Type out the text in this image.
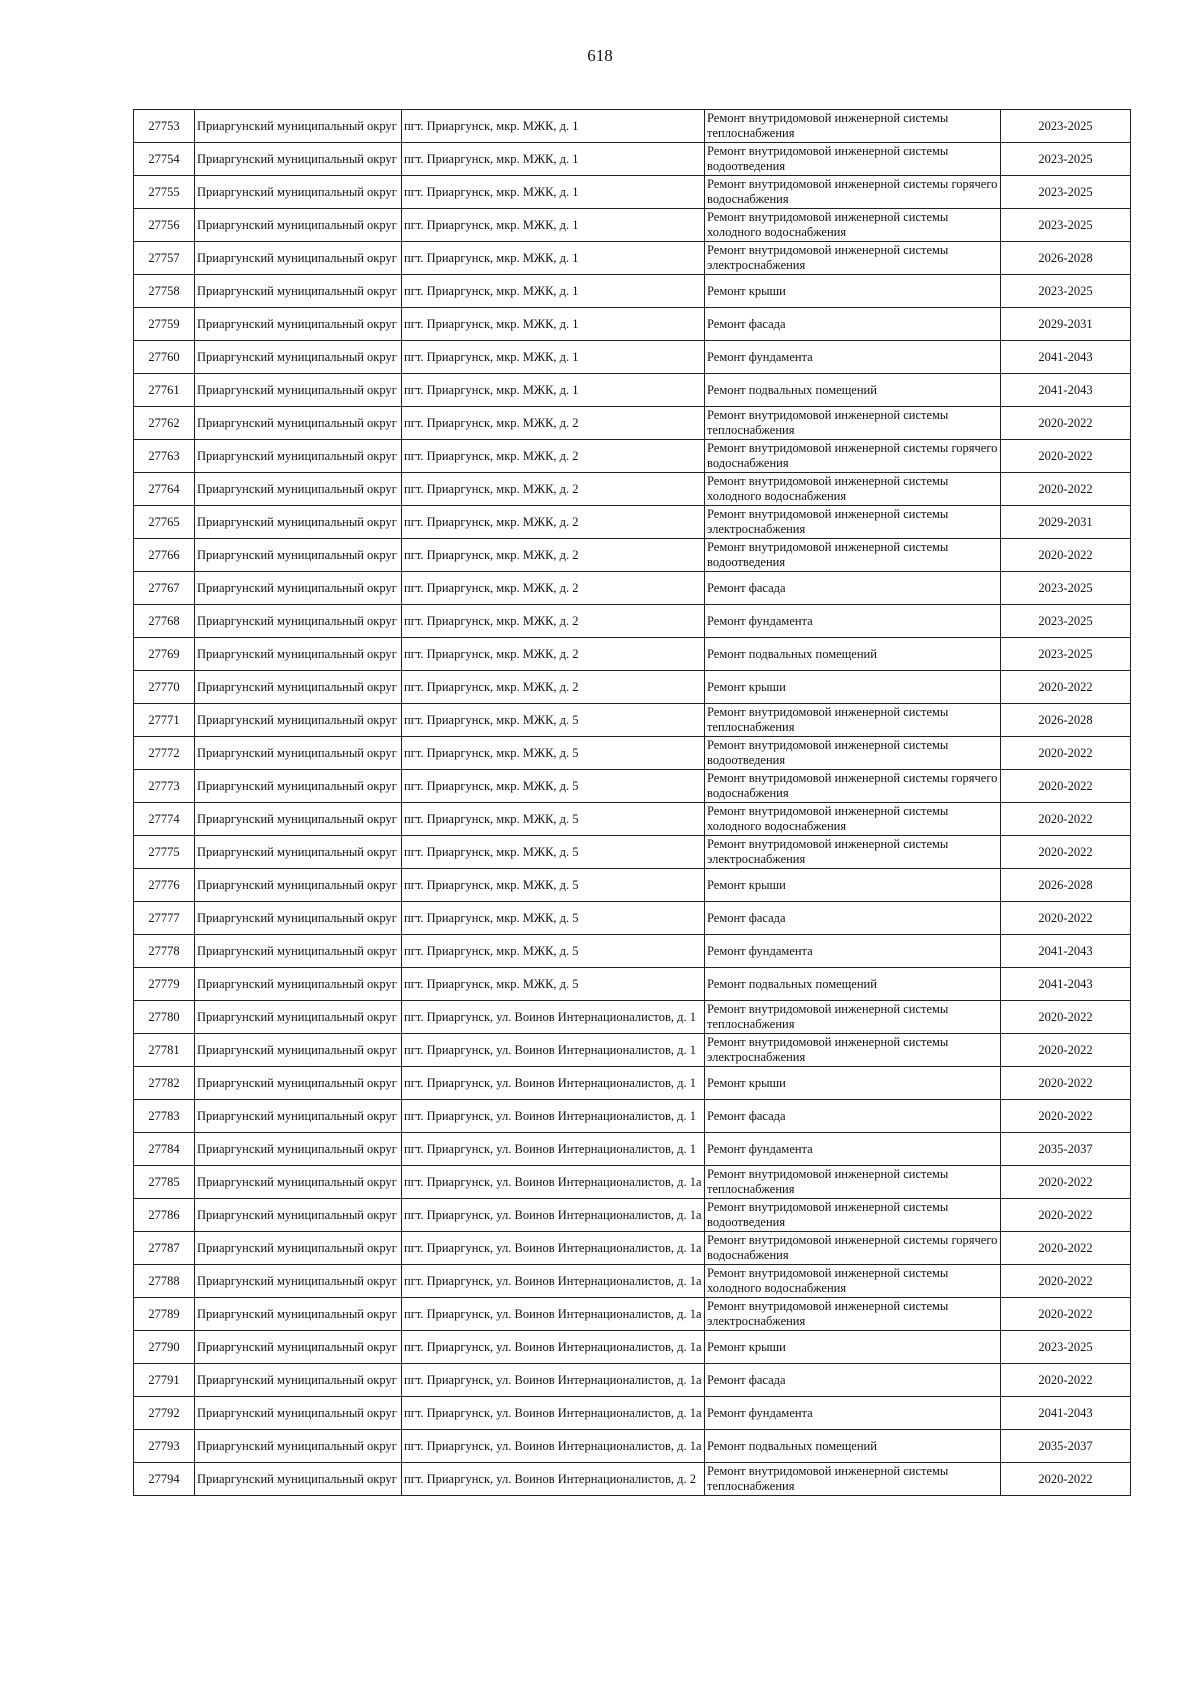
618
27753	Приаргунский муниципальный округ	пгт. Приаргунск, мкр. МЖК, д. 1	Ремонт внутридомовой инженерной системы теплоснабжения	2023-2025
27754	Приаргунский муниципальный округ	пгт. Приаргунск, мкр. МЖК, д. 1	Ремонт внутридомовой инженерной системы водоотведения	2023-2025
27755	Приаргунский муниципальный округ	пгт. Приаргунск, мкр. МЖК, д. 1	Ремонт внутридомовой инженерной системы горячего водоснабжения	2023-2025
27756	Приаргунский муниципальный округ	пгт. Приаргунск, мкр. МЖК, д. 1	Ремонт внутридомовой инженерной системы холодного водоснабжения	2023-2025
27757	Приаргунский муниципальный округ	пгт. Приаргунск, мкр. МЖК, д. 1	Ремонт внутридомовой инженерной системы электроснабжения	2026-2028
27758	Приаргунский муниципальный округ	пгт. Приаргунск, мкр. МЖК, д. 1	Ремонт крыши	2023-2025
27759	Приаргунский муниципальный округ	пгт. Приаргунск, мкр. МЖК, д. 1	Ремонт фасада	2029-2031
27760	Приаргунский муниципальный округ	пгт. Приаргунск, мкр. МЖК, д. 1	Ремонт фундамента	2041-2043
27761	Приаргунский муниципальный округ	пгт. Приаргунск, мкр. МЖК, д. 1	Ремонт подвальных помещений	2041-2043
27762	Приаргунский муниципальный округ	пгт. Приаргунск, мкр. МЖК, д. 2	Ремонт внутридомовой инженерной системы теплоснабжения	2020-2022
27763	Приаргунский муниципальный округ	пгт. Приаргунск, мкр. МЖК, д. 2	Ремонт внутридомовой инженерной системы горячего водоснабжения	2020-2022
27764	Приаргунский муниципальный округ	пгт. Приаргунск, мкр. МЖК, д. 2	Ремонт внутридомовой инженерной системы холодного водоснабжения	2020-2022
27765	Приаргунский муниципальный округ	пгт. Приаргунск, мкр. МЖК, д. 2	Ремонт внутридомовой инженерной системы электроснабжения	2029-2031
27766	Приаргунский муниципальный округ	пгт. Приаргунск, мкр. МЖК, д. 2	Ремонт внутридомовой инженерной системы водоотведения	2020-2022
27767	Приаргунский муниципальный округ	пгт. Приаргунск, мкр. МЖК, д. 2	Ремонт фасада	2023-2025
27768	Приаргунский муниципальный округ	пгт. Приаргунск, мкр. МЖК, д. 2	Ремонт фундамента	2023-2025
27769	Приаргунский муниципальный округ	пгт. Приаргунск, мкр. МЖК, д. 2	Ремонт подвальных помещений	2023-2025
27770	Приаргунский муниципальный округ	пгт. Приаргунск, мкр. МЖК, д. 2	Ремонт крыши	2020-2022
27771	Приаргунский муниципальный округ	пгт. Приаргунск, мкр. МЖК, д. 5	Ремонт внутридомовой инженерной системы теплоснабжения	2026-2028
27772	Приаргунский муниципальный округ	пгт. Приаргунск, мкр. МЖК, д. 5	Ремонт внутридомовой инженерной системы водоотведения	2020-2022
27773	Приаргунский муниципальный округ	пгт. Приаргунск, мкр. МЖК, д. 5	Ремонт внутридомовой инженерной системы горячего водоснабжения	2020-2022
27774	Приаргунский муниципальный округ	пгт. Приаргунск, мкр. МЖК, д. 5	Ремонт внутридомовой инженерной системы холодного водоснабжения	2020-2022
27775	Приаргунский муниципальный округ	пгт. Приаргунск, мкр. МЖК, д. 5	Ремонт внутридомовой инженерной системы электроснабжения	2020-2022
27776	Приаргунский муниципальный округ	пгт. Приаргунск, мкр. МЖК, д. 5	Ремонт крыши	2026-2028
27777	Приаргунский муниципальный округ	пгт. Приаргунск, мкр. МЖК, д. 5	Ремонт фасада	2020-2022
27778	Приаргунский муниципальный округ	пгт. Приаргунск, мкр. МЖК, д. 5	Ремонт фундамента	2041-2043
27779	Приаргунский муниципальный округ	пгт. Приаргунск, мкр. МЖК, д. 5	Ремонт подвальных помещений	2041-2043
27780	Приаргунский муниципальный округ	пгт. Приаргунск, ул. Воинов Интернационалистов, д. 1	Ремонт внутридомовой инженерной системы теплоснабжения	2020-2022
27781	Приаргунский муниципальный округ	пгт. Приаргунск, ул. Воинов Интернационалистов, д. 1	Ремонт внутридомовой инженерной системы электроснабжения	2020-2022
27782	Приаргунский муниципальный округ	пгт. Приаргунск, ул. Воинов Интернационалистов, д. 1	Ремонт крыши	2020-2022
27783	Приаргунский муниципальный округ	пгт. Приаргунск, ул. Воинов Интернационалистов, д. 1	Ремонт фасада	2020-2022
27784	Приаргунский муниципальный округ	пгт. Приаргунск, ул. Воинов Интернационалистов, д. 1	Ремонт фундамента	2035-2037
27785	Приаргунский муниципальный округ	пгт. Приаргунск, ул. Воинов Интернационалистов, д. 1а	Ремонт внутридомовой инженерной системы теплоснабжения	2020-2022
27786	Приаргунский муниципальный округ	пгт. Приаргунск, ул. Воинов Интернационалистов, д. 1а	Ремонт внутридомовой инженерной системы водоотведения	2020-2022
27787	Приаргунский муниципальный округ	пгт. Приаргунск, ул. Воинов Интернационалистов, д. 1а	Ремонт внутридомовой инженерной системы горячего водоснабжения	2020-2022
27788	Приаргунский муниципальный округ	пгт. Приаргунск, ул. Воинов Интернационалистов, д. 1а	Ремонт внутридомовой инженерной системы холодного водоснабжения	2020-2022
27789	Приаргунский муниципальный округ	пгт. Приаргунск, ул. Воинов Интернационалистов, д. 1а	Ремонт внутридомовой инженерной системы электроснабжения	2020-2022
27790	Приаргунский муниципальный округ	пгт. Приаргунск, ул. Воинов Интернационалистов, д. 1а	Ремонт крыши	2023-2025
27791	Приаргунский муниципальный округ	пгт. Приаргунск, ул. Воинов Интернационалистов, д. 1а	Ремонт фасада	2020-2022
27792	Приаргунский муниципальный округ	пгт. Приаргунск, ул. Воинов Интернационалистов, д. 1а	Ремонт фундамента	2041-2043
27793	Приаргунский муниципальный округ	пгт. Приаргунск, ул. Воинов Интернационалистов, д. 1а	Ремонт подвальных помещений	2035-2037
27794	Приаргунский муниципальный округ	пгт. Приаргунск, ул. Воинов Интернационалистов, д. 2	Ремонт внутридомовой инженерной системы теплоснабжения	2020-2022
